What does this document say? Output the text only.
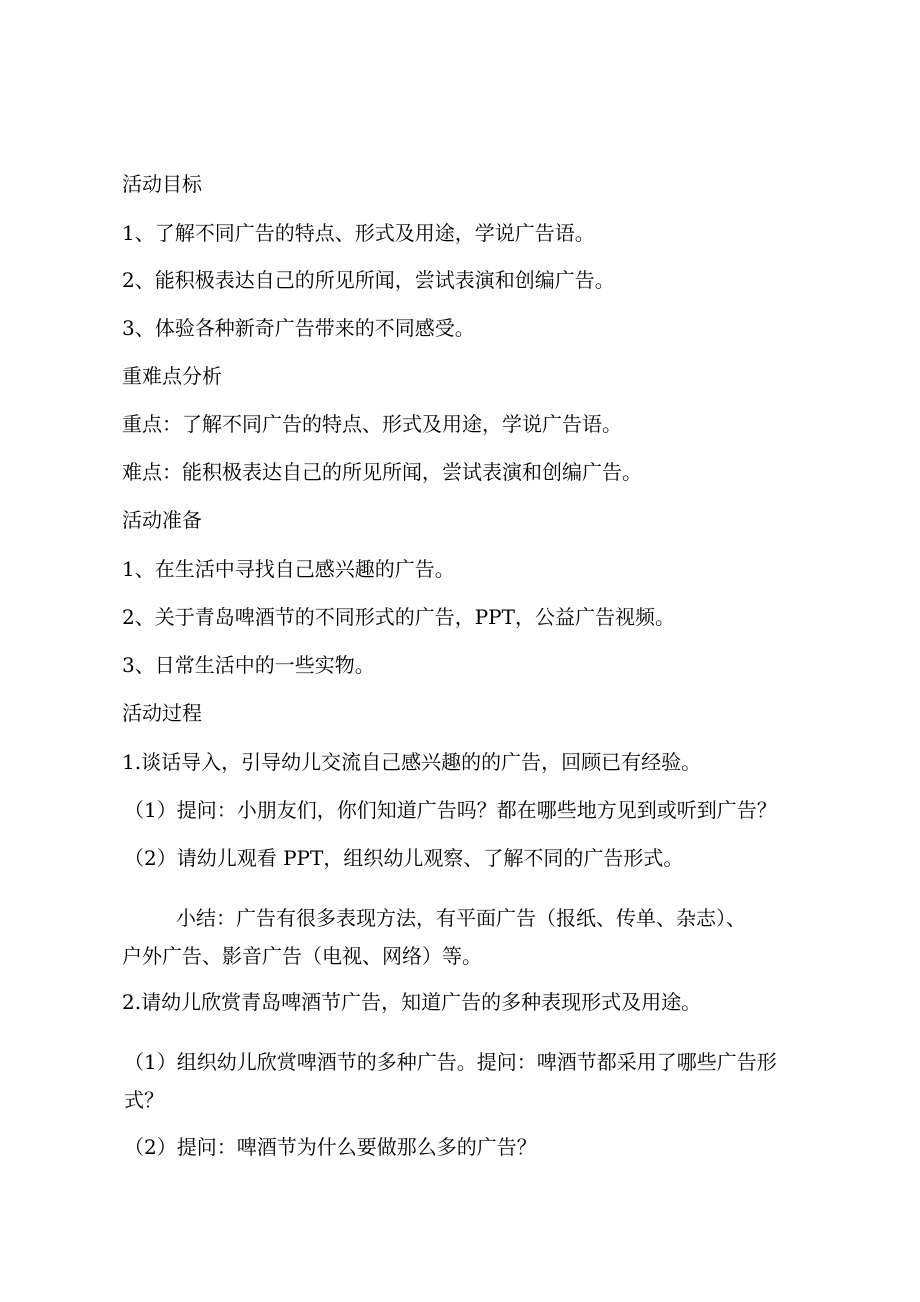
活动目标
1、了解不同广告的特点、形式及用途，学说广告语。
2、能积极表达自己的所见所闻，尝试表演和创编广告。
3、体验各种新奇广告带来的不同感受。
重难点分析
重点：了解不同广告的特点、形式及用途，学说广告语。
难点：能积极表达自己的所见所闻，尝试表演和创编广告。
活动准备
1、在生活中寻找自己感兴趣的广告。
2、关于青岛啤酒节的不同形式的广告，PPT，公益广告视频。
3、日常生活中的一些实物。
活动过程
1.谈话导入，引导幼儿交流自己感兴趣的的广告，回顾已有经验。
（1）提问：小朋友们，你们知道广告吗？都在哪些地方见到或听到广告？
（2）请幼儿观看 PPT，组织幼儿观察、了解不同的广告形式。
小结：广告有很多表现方法，有平面广告（报纸、传单、杂志）、户外广告、影音广告（电视、网络）等。
2.请幼儿欣赏青岛啤酒节广告，知道广告的多种表现形式及用途。
（1）组织幼儿欣赏啤酒节的多种广告。提问：啤酒节都采用了哪些广告形式？
（2）提问：啤酒节为什么要做那么多的广告？
